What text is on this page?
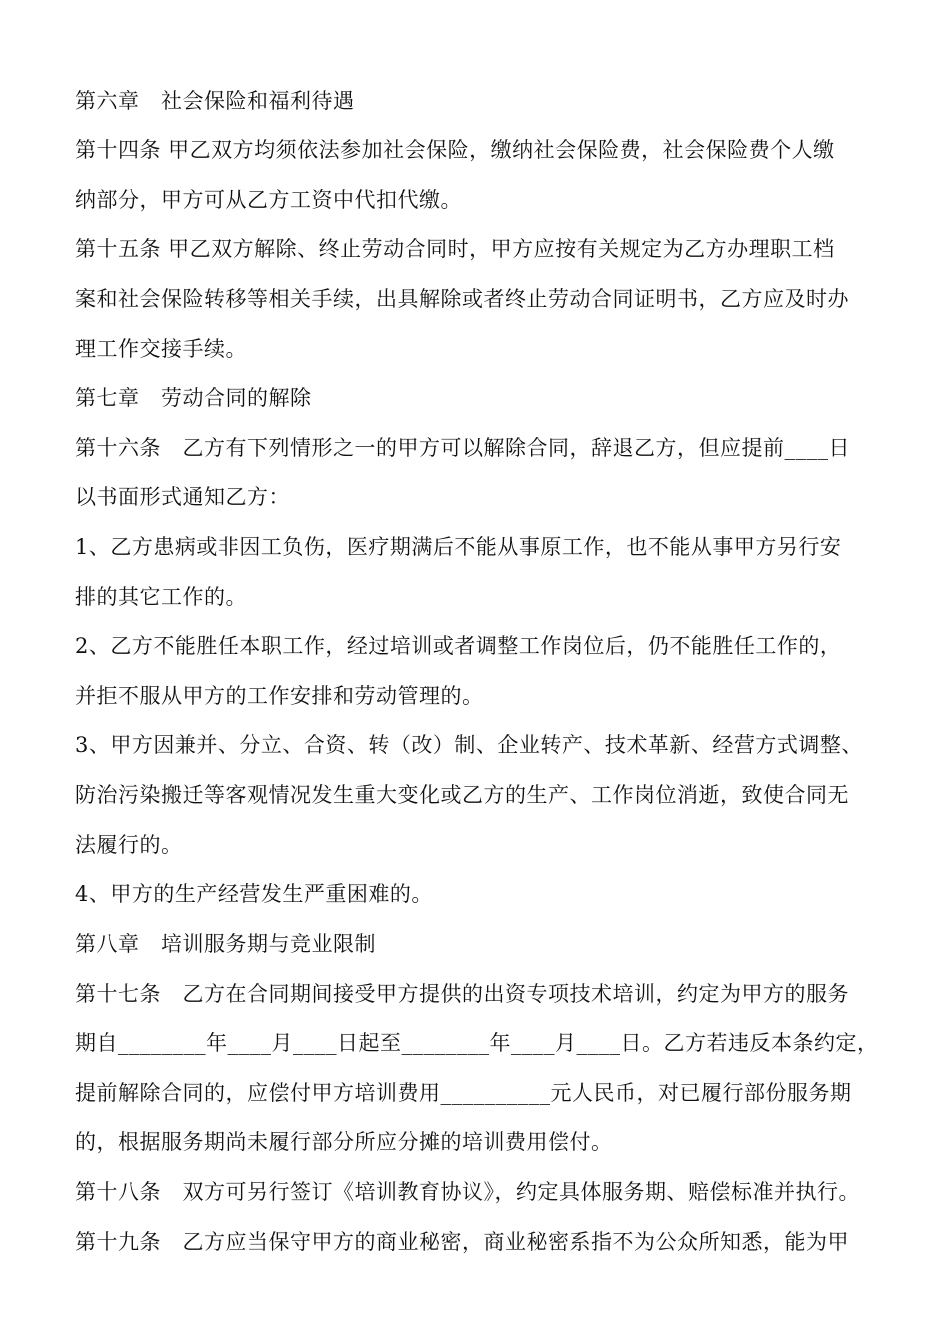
第六章   社会保险和福利待遇
第十四条 甲乙双方均须依法参加社会保险，缴纳社会保险费，社会保险费个人缴
纳部分，甲方可从乙方工资中代扣代缴。
第十五条 甲乙双方解除、终止劳动合同时，甲方应按有关规定为乙方办理职工档
案和社会保险转移等相关手续，出具解除或者终止劳动合同证明书，乙方应及时办
理工作交接手续。
第七章   劳动合同的解除
第十六条   乙方有下列情形之一的甲方可以解除合同，辞退乙方，但应提前____日
以书面形式通知乙方：
1、乙方患病或非因工负伤，医疗期满后不能从事原工作，也不能从事甲方另行安
排的其它工作的。
2、乙方不能胜任本职工作，经过培训或者调整工作岗位后，仍不能胜任工作的，
并拒不服从甲方的工作安排和劳动管理的。
3、甲方因兼并、分立、合资、转（改）制、企业转产、技术革新、经营方式调整、
防治污染搬迁等客观情况发生重大变化或乙方的生产、工作岗位消逝，致使合同无
法履行的。
4、甲方的生产经营发生严重困难的。
第八章   培训服务期与竞业限制
第十七条   乙方在合同期间接受甲方提供的出资专项技术培训，约定为甲方的服务
期自________年____月____日起至________年____月____日。乙方若违反本条约定，
提前解除合同的，应偿付甲方培训费用__________元人民币，对已履行部份服务期
的，根据服务期尚未履行部分所应分摊的培训费用偿付。
第十八条   双方可另行签订《培训教育协议》，约定具体服务期、赔偿标准并执行。
第十九条   乙方应当保守甲方的商业秘密，商业秘密系指不为公众所知悉，能为甲
